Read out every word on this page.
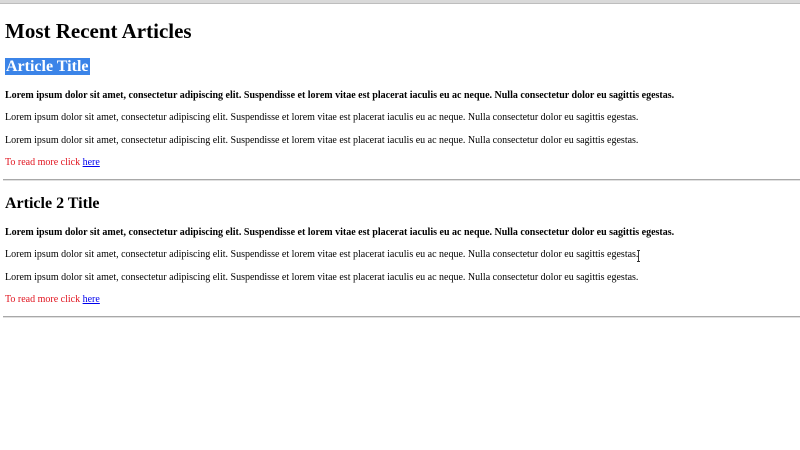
Most Recent Articles
Article Title

Lorem ipsum dolor sit amet, consectetur adipiscing elit. Suspendisse et lorem vitae est placerat iaculis eu ac neque. Nulla consectetur dolor eu sagittis egestas.

Lorem ipsum dolor sit amet, consectetur adipiscing elit. Suspendisse et lorem vitae est placerat iaculis eu ac neque. Nulla consectetur dolor eu sagittis egestas.

Lorem ipsum dolor sit amet, consectetur adipiscing elit. Suspendisse et lorem vitae est placerat iaculis eu ac neque. Nulla consectetur dolor eu sagittis egestas.

To read more click here

Article 2 Title

Lorem ipsum dolor sit amet, consectetur adipiscing elit. Suspendisse et lorem vitae est placerat iaculis eu ac neque. Nulla consectetur dolor eu sagittis egestas.

Lorem ipsum dolor sit amet, consectetur adipiscing elit. Suspendisse et lorem vitae est placerat iaculis eu ac neque. Nulla consectetur dolor eu sagittis egestas.

Lorem ipsum dolor sit amet, consectetur adipiscing elit. Suspendisse et lorem vitae est placerat iaculis eu ac neque. Nulla consectetur dolor eu sagittis egestas.

To read more click here
